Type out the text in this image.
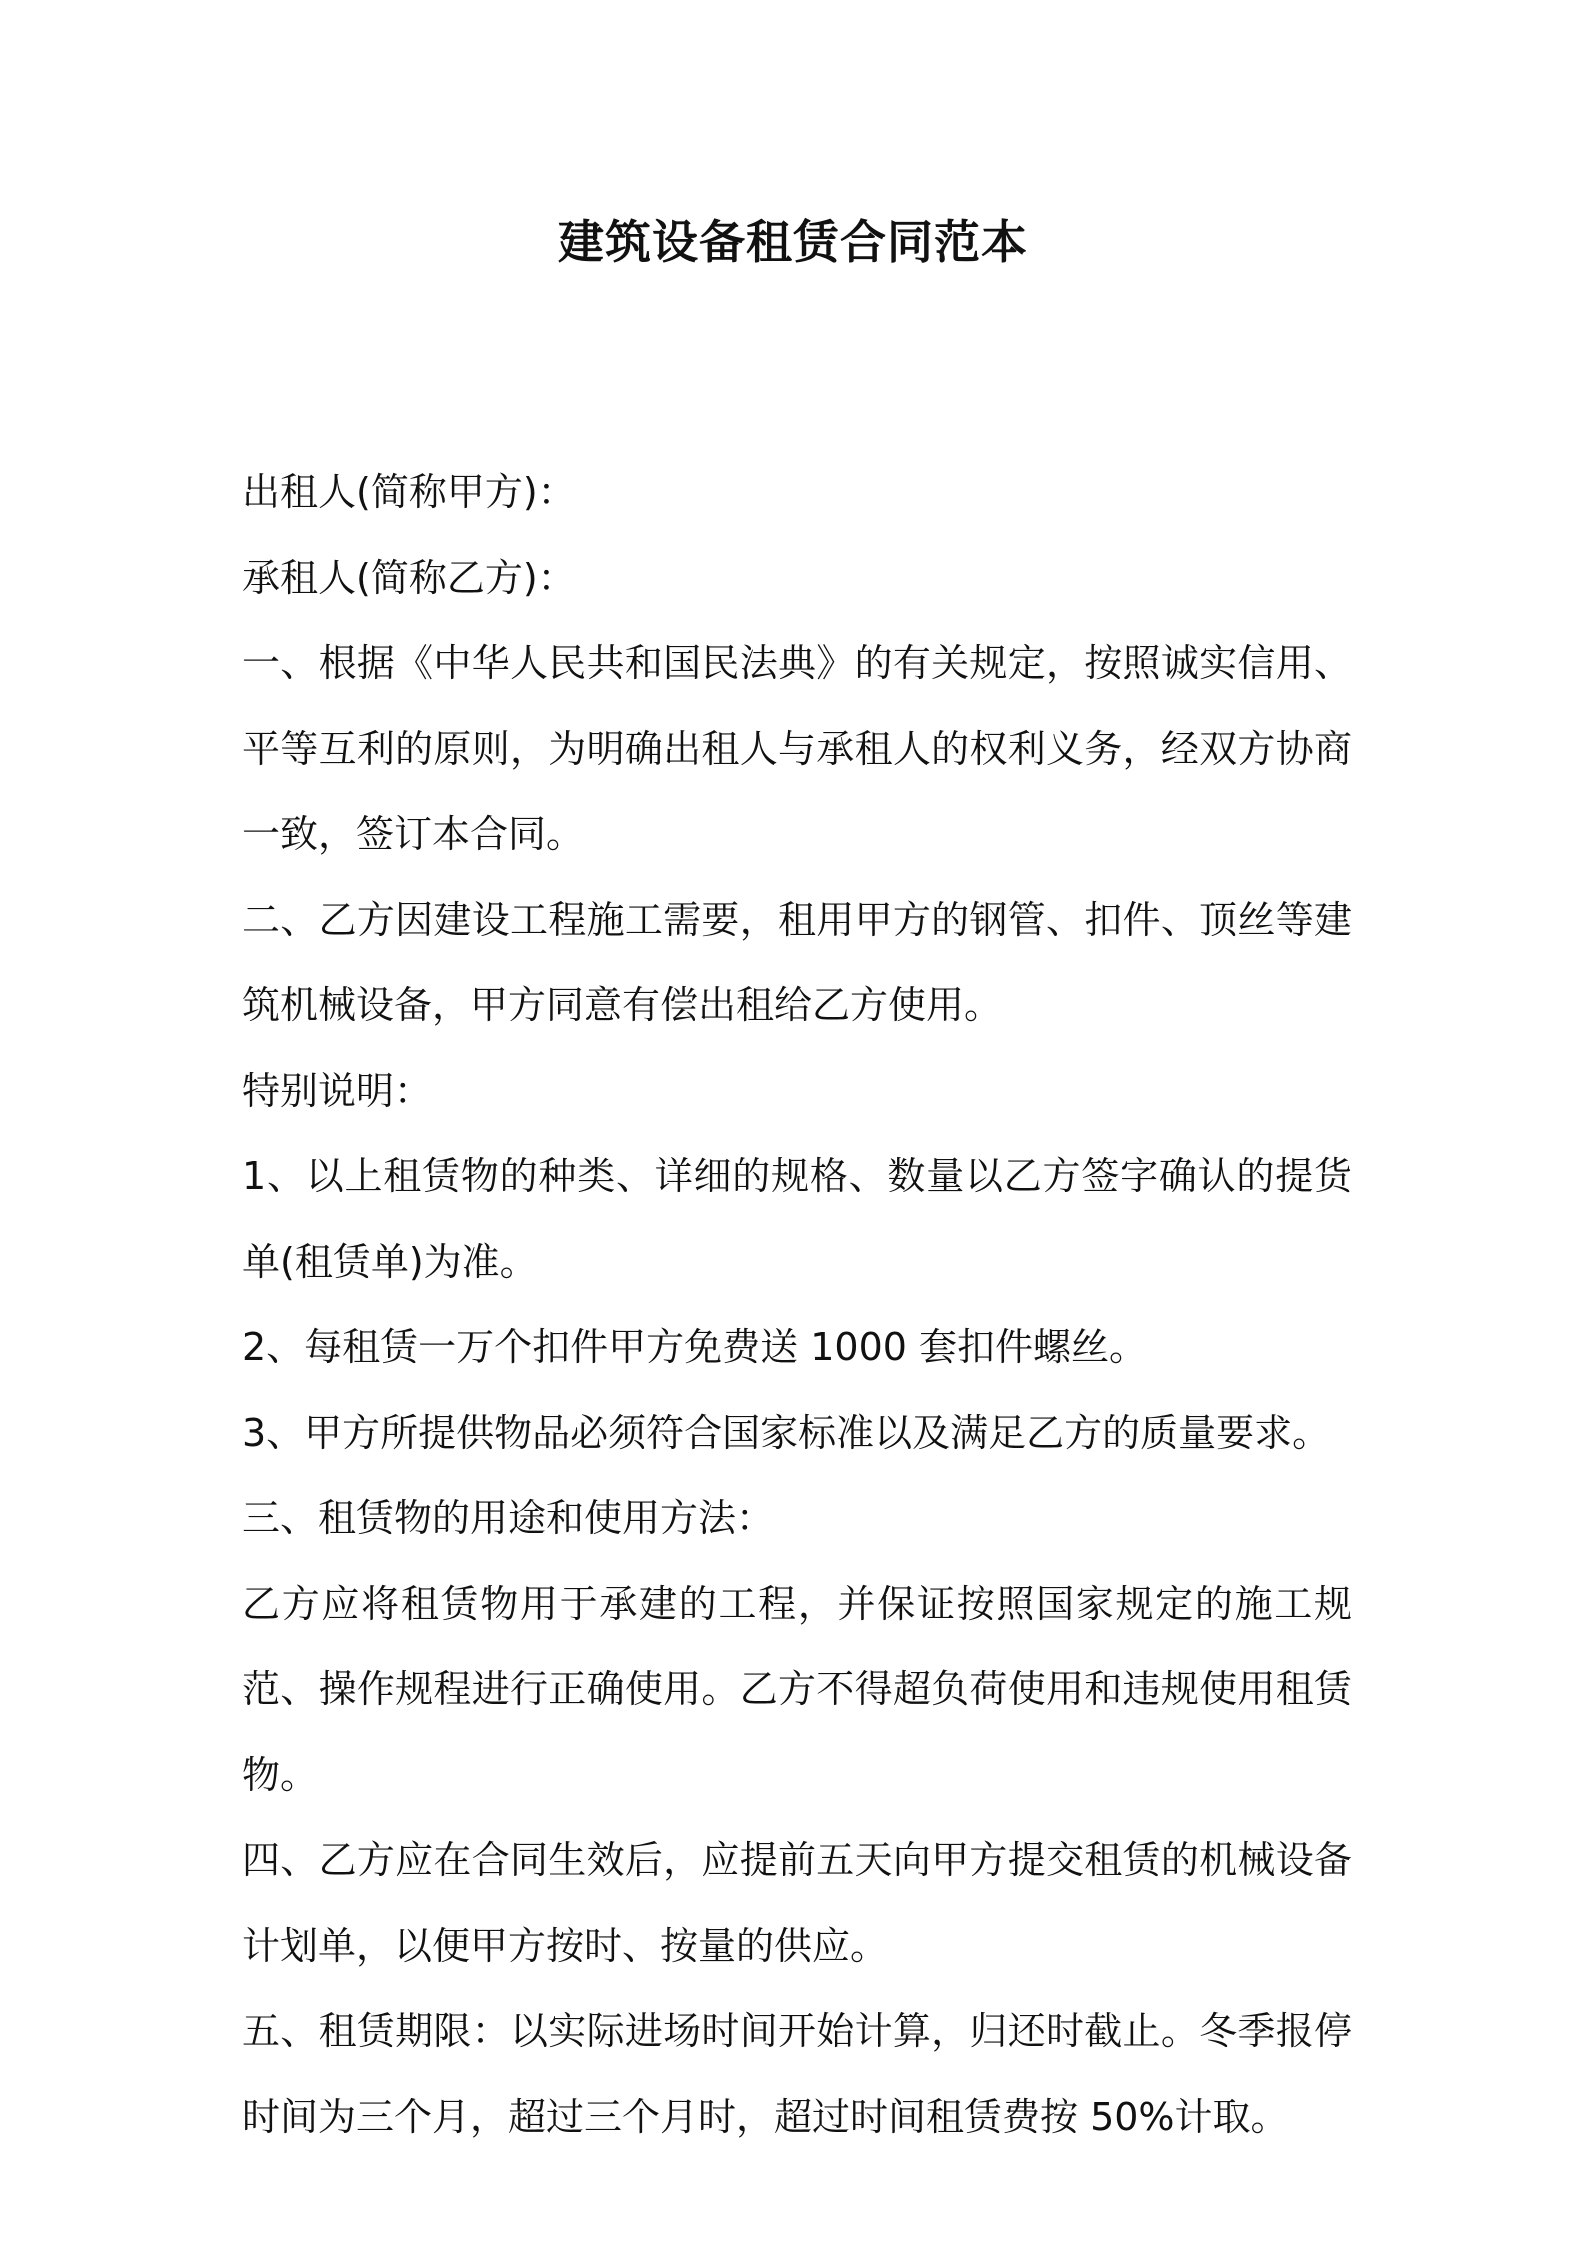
建筑设备租赁合同范本

出租人(简称甲方)：

承租人(简称乙方)：

一、根据《中华人民共和国民法典》的有关规定，按照诚实信用、平等互利的原则，为明确出租人与承租人的权利义务，经双方协商一致，签订本合同。

二、乙方因建设工程施工需要，租用甲方的钢管、扣件、顶丝等建筑机械设备，甲方同意有偿出租给乙方使用。

特别说明：

1、以上租赁物的种类、详细的规格、数量以乙方签字确认的提货单(租赁单)为准。

2、每租赁一万个扣件甲方免费送 1000 套扣件螺丝。

3、甲方所提供物品必须符合国家标准以及满足乙方的质量要求。

三、租赁物的用途和使用方法：

乙方应将租赁物用于承建的工程，并保证按照国家规定的施工规范、操作规程进行正确使用。乙方不得超负荷使用和违规使用租赁物。

四、乙方应在合同生效后，应提前五天向甲方提交租赁的机械设备计划单，以便甲方按时、按量的供应。

五、租赁期限：以实际进场时间开始计算，归还时截止。冬季报停时间为三个月，超过三个月时，超过时间租赁费按 50%计取。
